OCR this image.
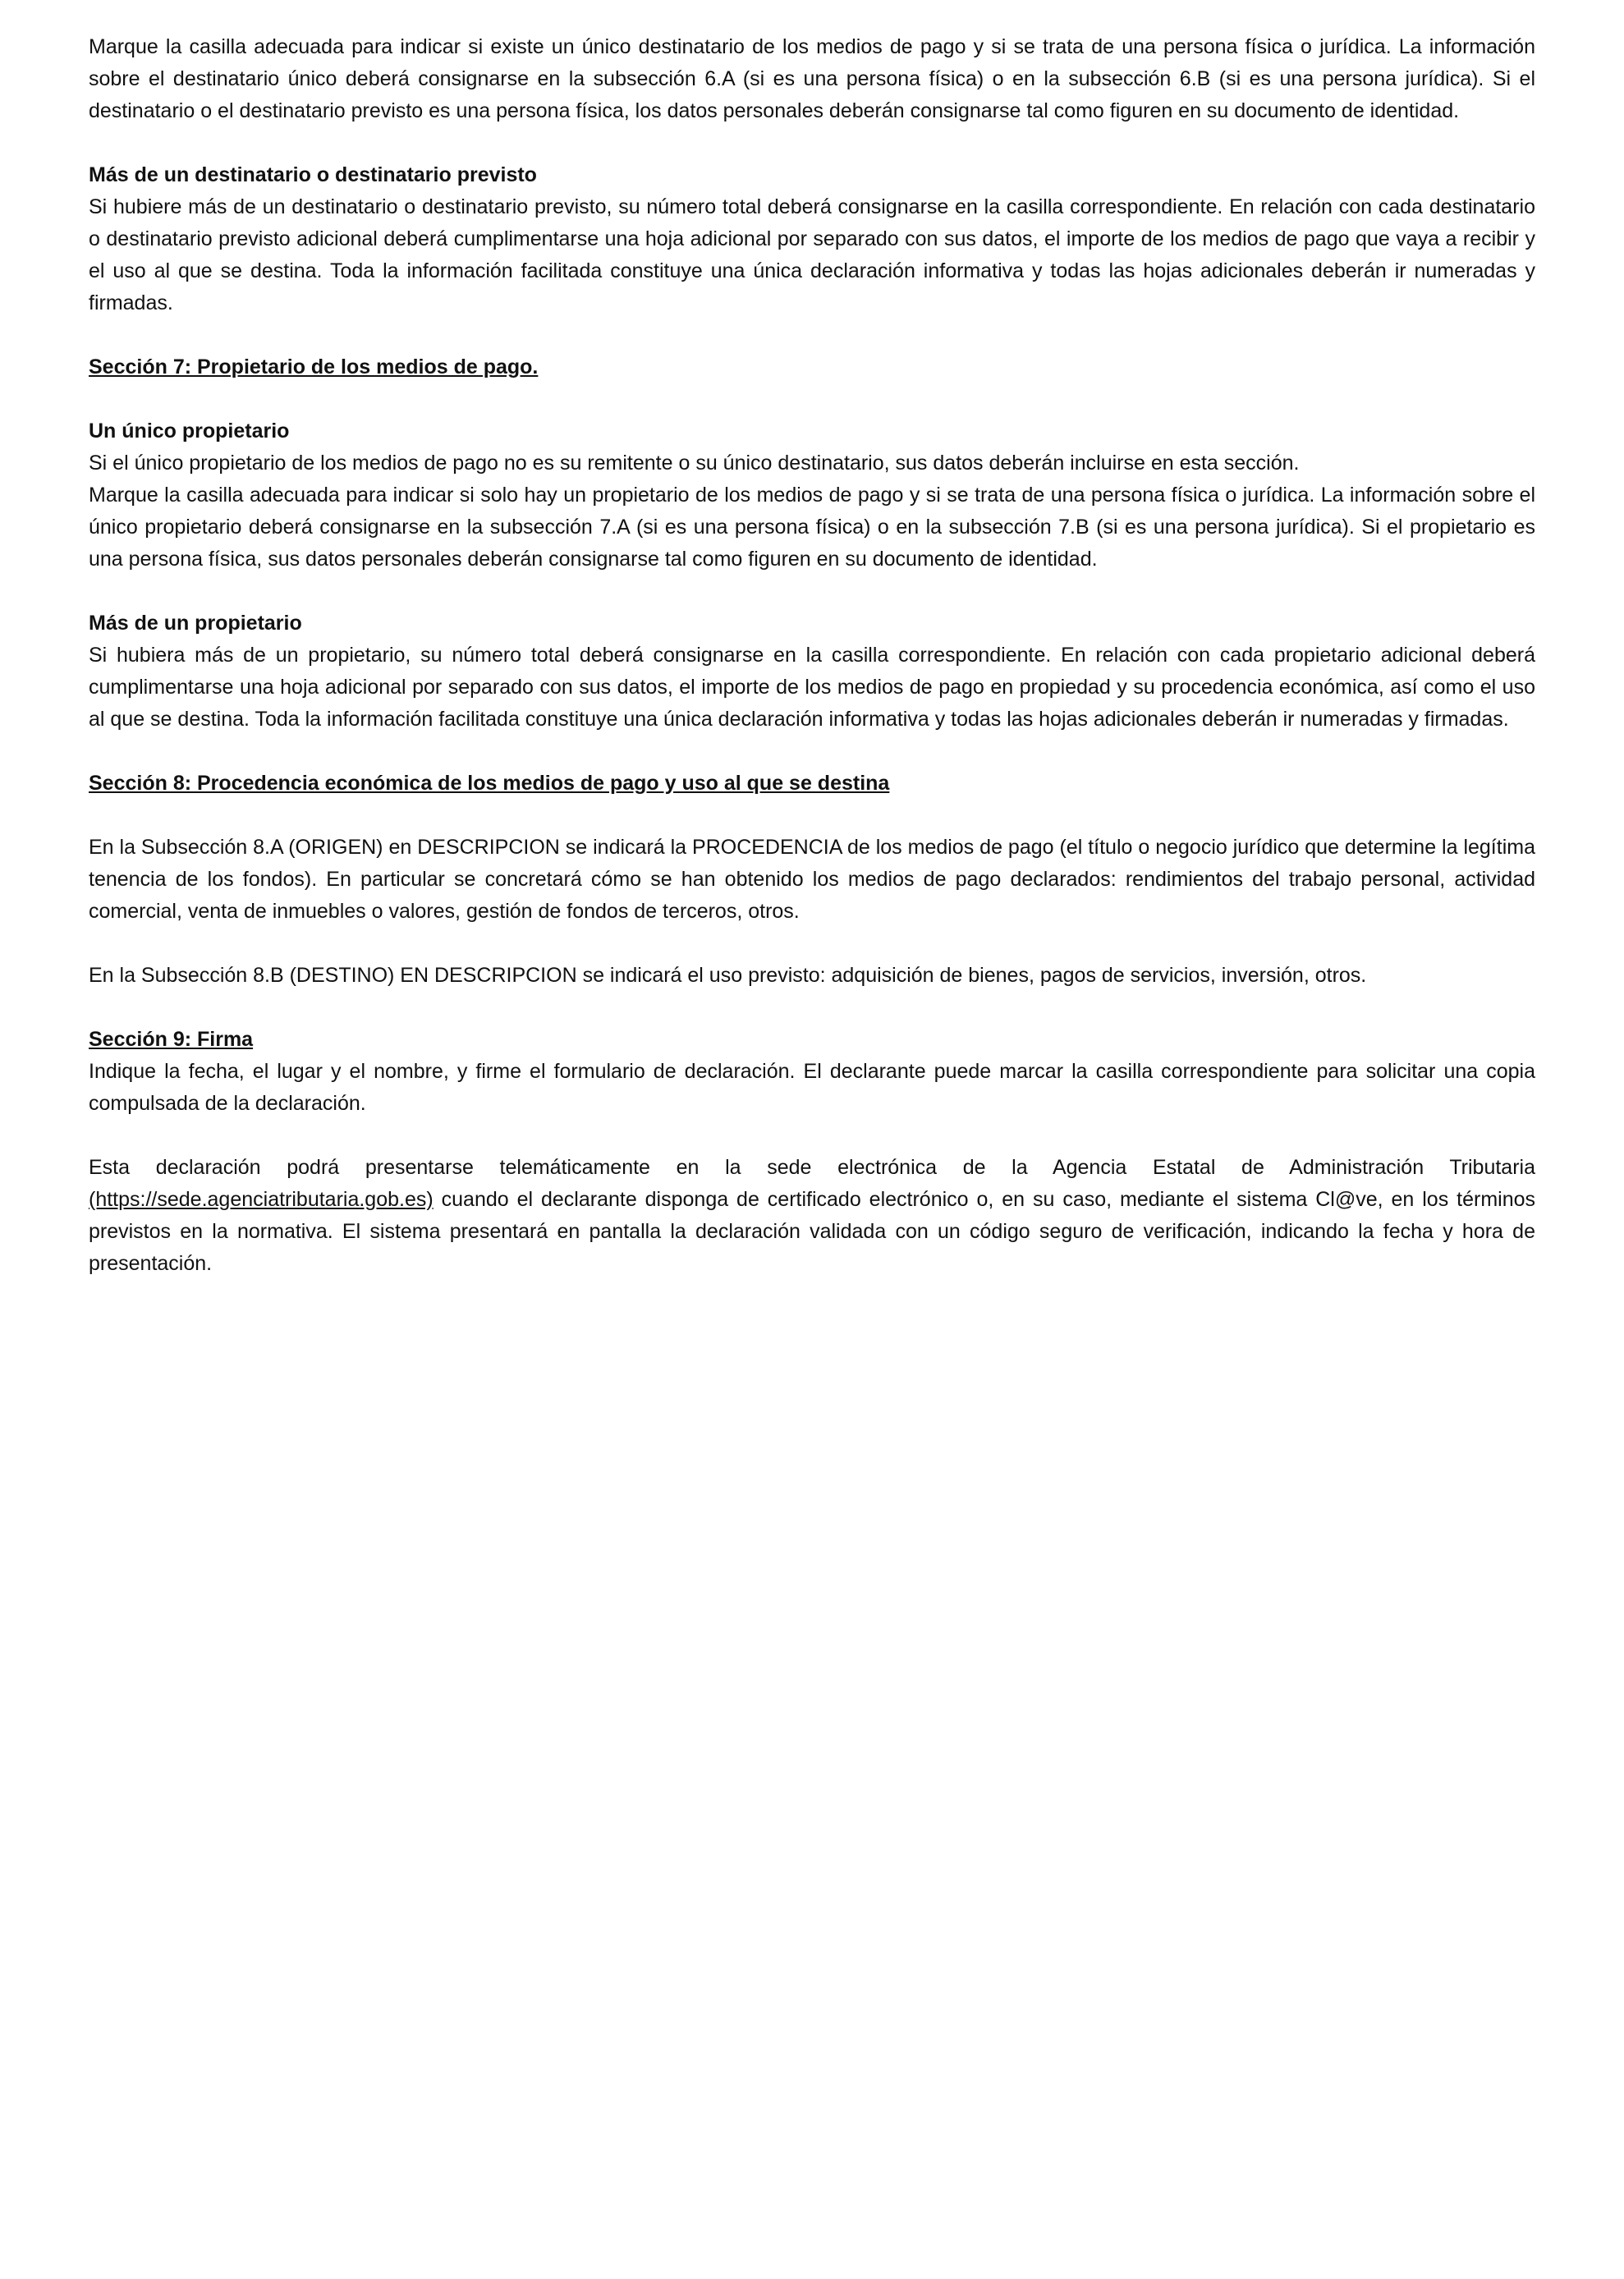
Marque la casilla adecuada para indicar si existe un único destinatario de los medios de pago y si se trata de una persona física o jurídica. La información sobre el destinatario único deberá consignarse en la subsección 6.A (si es una persona física) o en la subsección 6.B (si es una persona jurídica). Si el destinatario o el destinatario previsto es una persona física, los datos personales deberán consignarse tal como figuren en su documento de identidad.

Más de un destinatario o destinatario previsto

Si hubiere más de un destinatario o destinatario previsto, su número total deberá consignarse en la casilla correspondiente. En relación con cada destinatario o destinatario previsto adicional deberá cumplimentarse una hoja adicional por separado con sus datos, el importe de los medios de pago que vaya a recibir y el uso al que se destina. Toda la información facilitada constituye una única declaración informativa y todas las hojas adicionales deberán ir numeradas y firmadas.

Sección 7: Propietario de los medios de pago.

Un único propietario

Si el único propietario de los medios de pago no es su remitente o su único destinatario, sus datos deberán incluirse en esta sección.

Marque la casilla adecuada para indicar si solo hay un propietario de los medios de pago y si se trata de una persona física o jurídica. La información sobre el único propietario deberá consignarse en la subsección 7.A (si es una persona física) o en la subsección 7.B (si es una persona jurídica). Si el propietario es una persona física, sus datos personales deberán consignarse tal como figuren en su documento de identidad.

Más de un propietario

Si hubiera más de un propietario, su número total deberá consignarse en la casilla correspondiente. En relación con cada propietario adicional deberá cumplimentarse una hoja adicional por separado con sus datos, el importe de los medios de pago en propiedad y su procedencia económica, así como el uso al que se destina. Toda la información facilitada constituye una única declaración informativa y todas las hojas adicionales deberán ir numeradas y firmadas.

Sección 8: Procedencia económica de los medios de pago y uso al que se destina

En la Subsección 8.A (ORIGEN) en DESCRIPCION se indicará la PROCEDENCIA de los medios de pago (el título o negocio jurídico que determine la legítima tenencia de los fondos). En particular se concretará cómo se han obtenido los medios de pago declarados: rendimientos del trabajo personal, actividad comercial, venta de inmuebles o valores, gestión de fondos de terceros, otros.

En la Subsección 8.B (DESTINO) EN DESCRIPCION se indicará el uso previsto: adquisición de bienes, pagos de servicios, inversión, otros.

Sección 9: Firma

Indique la fecha, el lugar y el nombre, y firme el formulario de declaración. El declarante puede marcar la casilla correspondiente para solicitar una copia compulsada de la declaración.

Esta declaración podrá presentarse telemáticamente en la sede electrónica de la Agencia Estatal de Administración Tributaria (https://sede.agenciatributaria.gob.es) cuando el declarante disponga de certificado electrónico o, en su caso, mediante el sistema Cl@ve, en los términos previstos en la normativa. El sistema presentará en pantalla la declaración validada con un código seguro de verificación, indicando la fecha y hora de presentación.
